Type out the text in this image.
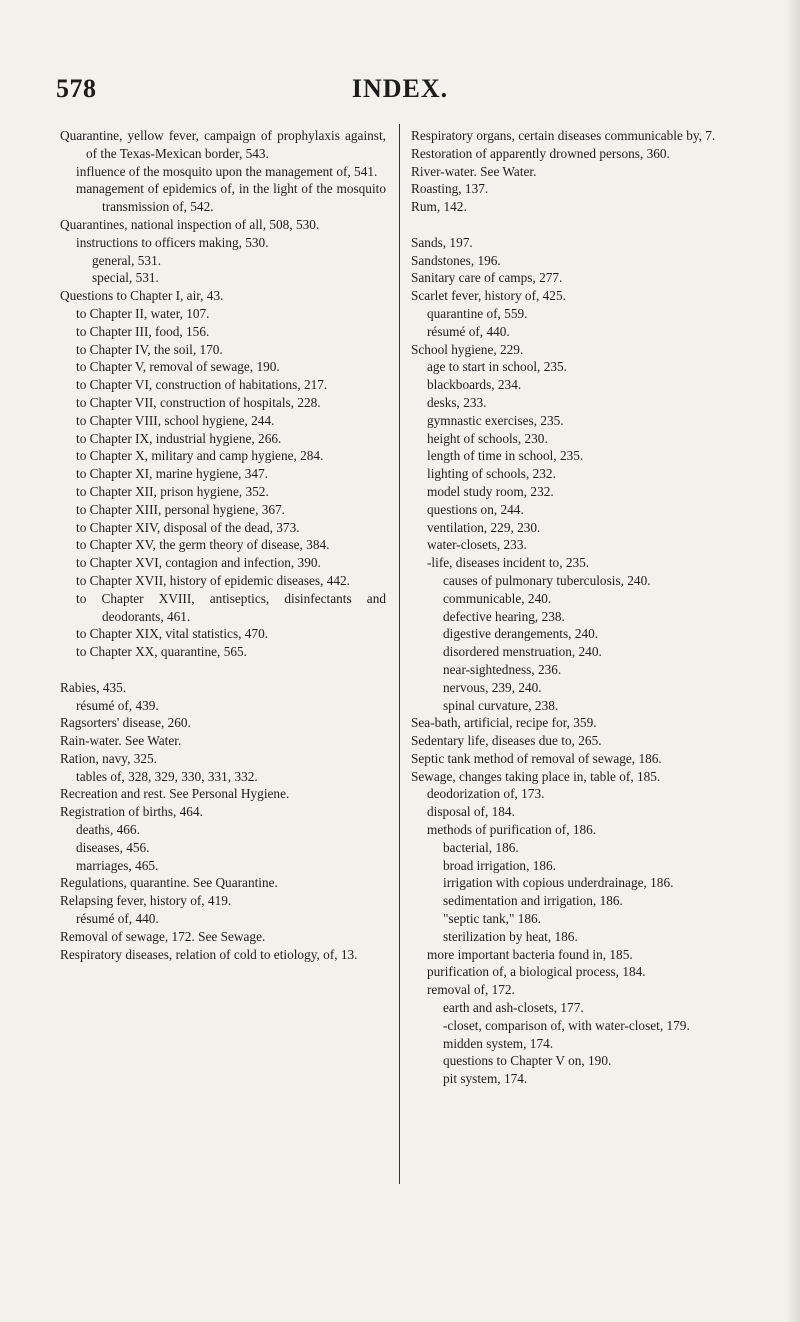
578	INDEX.

Quarantine, yellow fever, campaign of prophylaxis against, of the Texas-Mexican border, 543.

influence of the mosquito upon the management of, 541.

management of epidemics of, in the light of the mosquito transmission of, 542.

Quarantines, national inspection of all, 508, 530.

instructions to officers making, 530.

general, 531.

special, 531.

Questions to Chapter I, air, 43.

to Chapter II, water, 107.

to Chapter III, food, 156.

to Chapter IV, the soil, 170.

to Chapter V, removal of sewage, 190.

to Chapter VI, construction of habitations, 217.

to Chapter VII, construction of hospitals, 228.

to Chapter VIII, school hygiene, 244.

to Chapter IX, industrial hygiene, 266.

to Chapter X, military and camp hygiene, 284.

to Chapter XI, marine hygiene, 347.

to Chapter XII, prison hygiene, 352.

to Chapter XIII, personal hygiene, 367.

to Chapter XIV, disposal of the dead, 373.

to Chapter XV, the germ theory of disease, 384.

to Chapter XVI, contagion and infection, 390.

to Chapter XVII, history of epidemic diseases, 442.

to Chapter XVIII, antiseptics, disinfectants and deodorants, 461.

to Chapter XIX, vital statistics, 470.

to Chapter XX, quarantine, 565.

Rabies, 435.

résumé of, 439.

Ragsorters' disease, 260.

Rain-water. See Water.

Ration, navy, 325.

tables of, 328, 329, 330, 331, 332.

Recreation and rest. See Personal Hygiene.

Registration of births, 464.

deaths, 466.

diseases, 456.

marriages, 465.

Regulations, quarantine. See Quarantine.

Relapsing fever, history of, 419.

résumé of, 440.

Removal of sewage, 172. See Sewage.

Respiratory diseases, relation of cold to etiology, of, 13.

Respiratory organs, certain diseases communicable by, 7.

Restoration of apparently drowned persons, 360.

River-water. See Water.

Roasting, 137.

Rum, 142.

Sands, 197.

Sandstones, 196.

Sanitary care of camps, 277.

Scarlet fever, history of, 425.

quarantine of, 559.

résumé of, 440.

School hygiene, 229.

age to start in school, 235.

blackboards, 234.

desks, 233.

gymnastic exercises, 235.

height of schools, 230.

length of time in school, 235.

lighting of schools, 232.

model study room, 232.

questions on, 244.

ventilation, 229, 230.

water-closets, 233.

-life, diseases incident to, 235.

causes of pulmonary tuberculosis, 240.

communicable, 240.

defective hearing, 238.

digestive derangements, 240.

disordered menstruation, 240.

near-sightedness, 236.

nervous, 239, 240.

spinal curvature, 238.

Sea-bath, artificial, recipe for, 359.

Sedentary life, diseases due to, 265.

Septic tank method of removal of sewage, 186.

Sewage, changes taking place in, table of, 185.

deodorization of, 173.

disposal of, 184.

methods of purification of, 186.

bacterial, 186.

broad irrigation, 186.

irrigation with copious underdrainage, 186.

sedimentation and irrigation, 186.

"septic tank," 186.

sterilization by heat, 186.

more important bacteria found in, 185.

purification of, a biological process, 184.

removal of, 172.

earth and ash-closets, 177.

-closet, comparison of, with water-closet, 179.

midden system, 174.

questions to Chapter V on, 190.

pit system, 174.
